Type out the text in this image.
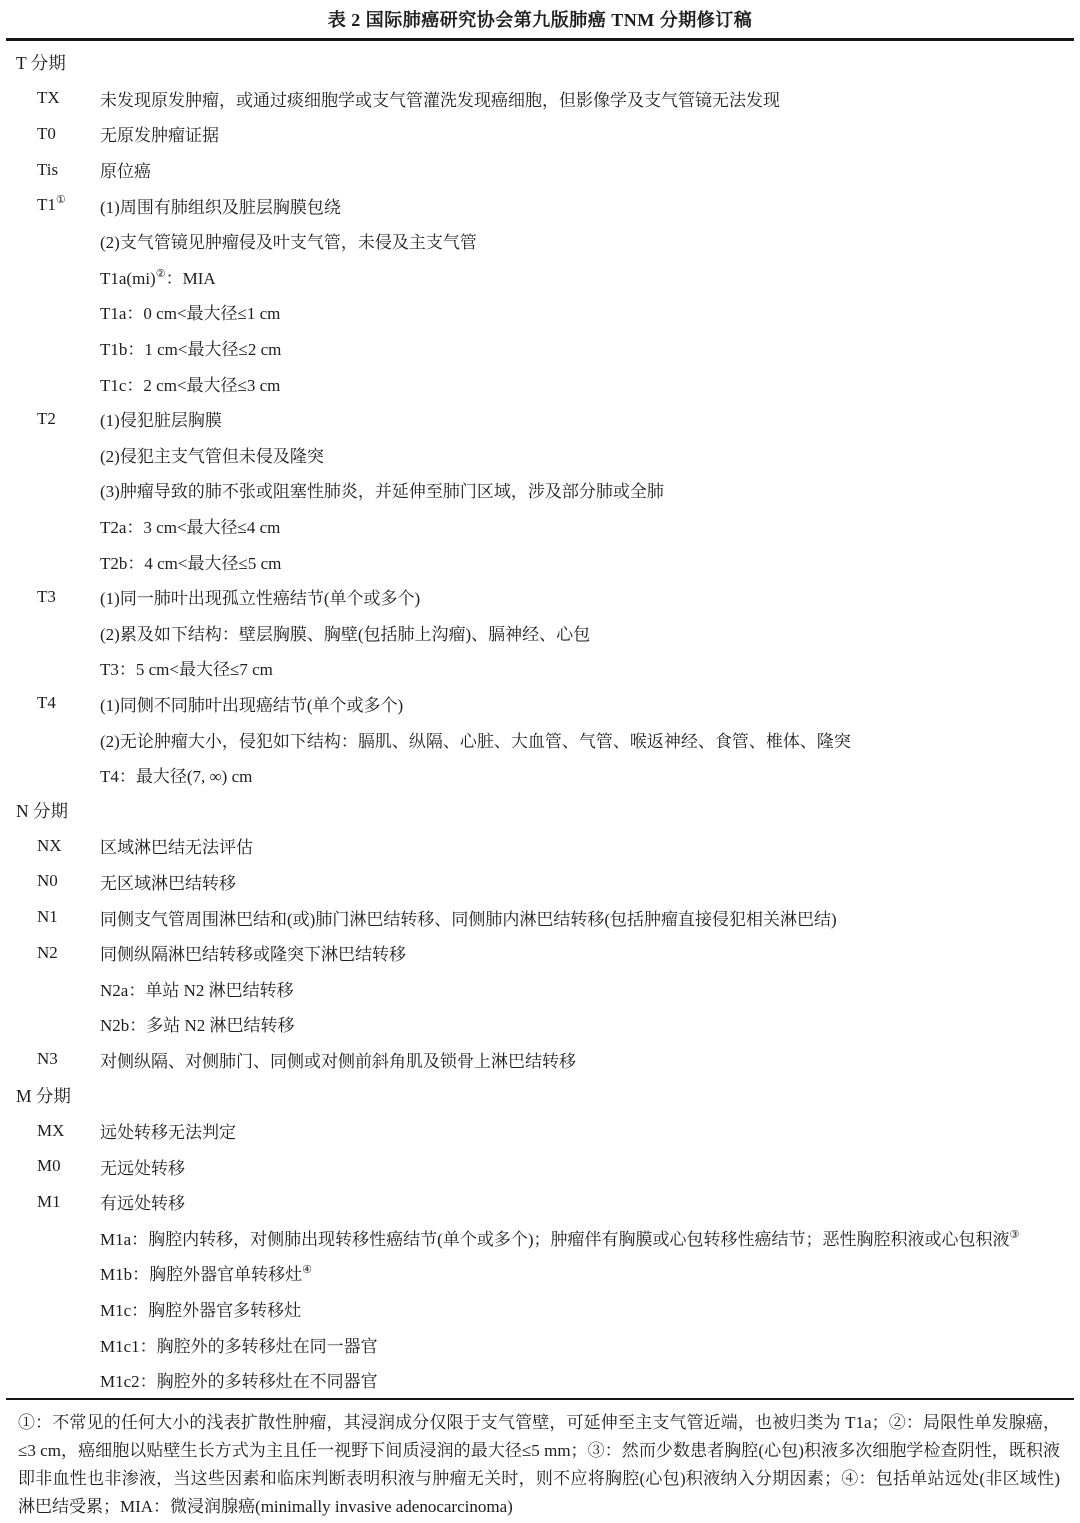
表 2 国际肺癌研究协会第九版肺癌 TNM 分期修订稿
T 分期
TX	未发现原发肿瘤，或通过痰细胞学或支气管灌洗发现癌细胞，但影像学及支气管镜无法发现
T0	无原发肿瘤证据
Tis	原位癌
T1①	(1)周围有肺组织及脏层胸膜包绕
(2)支气管镜见肿瘤侵及叶支气管，未侵及主支气管
T1a(mi)②：MIA
T1a：0 cm<最大径≤1 cm
T1b：1 cm<最大径≤2 cm
T1c：2 cm<最大径≤3 cm
T2	(1)侵犯脏层胸膜
(2)侵犯主支气管但未侵及隆突
(3)肿瘤导致的肺不张或阻塞性肺炎，并延伸至肺门区域，涉及部分肺或全肺
T2a：3 cm<最大径≤4 cm
T2b：4 cm<最大径≤5 cm
T3	(1)同一肺叶出现孤立性癌结节(单个或多个)
(2)累及如下结构：壁层胸膜、胸壁(包括肺上沟瘤)、膈神经、心包
T3：5 cm<最大径≤7 cm
T4	(1)同侧不同肺叶出现癌结节(单个或多个)
(2)无论肿瘤大小，侵犯如下结构：膈肌、纵隔、心脏、大血管、气管、喉返神经、食管、椎体、隆突
T4：最大径(7, ∞) cm
N 分期
NX	区域淋巴结无法评估
N0	无区域淋巴结转移
N1	同侧支气管周围淋巴结和(或)肺门淋巴结转移、同侧肺内淋巴结转移(包括肿瘤直接侵犯相关淋巴结)
N2	同侧纵隔淋巴结转移或隆突下淋巴结转移
N2a：单站 N2 淋巴结转移
N2b：多站 N2 淋巴结转移
N3	对侧纵隔、对侧肺门、同侧或对侧前斜角肌及锁骨上淋巴结转移
M 分期
MX	远处转移无法判定
M0	无远处转移
M1	有远处转移
M1a：胸腔内转移，对侧肺出现转移性癌结节(单个或多个)；肿瘤伴有胸膜或心包转移性癌结节；恶性胸腔积液或心包积液③
M1b：胸腔外器官单转移灶④
M1c：胸腔外器官多转移灶
M1c1：胸腔外的多转移灶在同一器官
M1c2：胸腔外的多转移灶在不同器官
①：不常见的任何大小的浅表扩散性肿瘤，其浸润成分仅限于支气管壁，可延伸至主支气管近端，也被归类为 T1a；②：局限性单发腺癌，≤3 cm，癌细胞以贴壁生长方式为主且任一视野下间质浸润的最大径≤5 mm；③：然而少数患者胸腔(心包)积液多次细胞学检查阴性，既积液即非血性也非渗液，当这些因素和临床判断表明积液与肿瘤无关时，则不应将胸腔(心包)积液纳入分期因素；④：包括单站远处(非区域性)淋巴结受累；MIA：微浸润腺癌(minimally invasive adenocarcinoma)
